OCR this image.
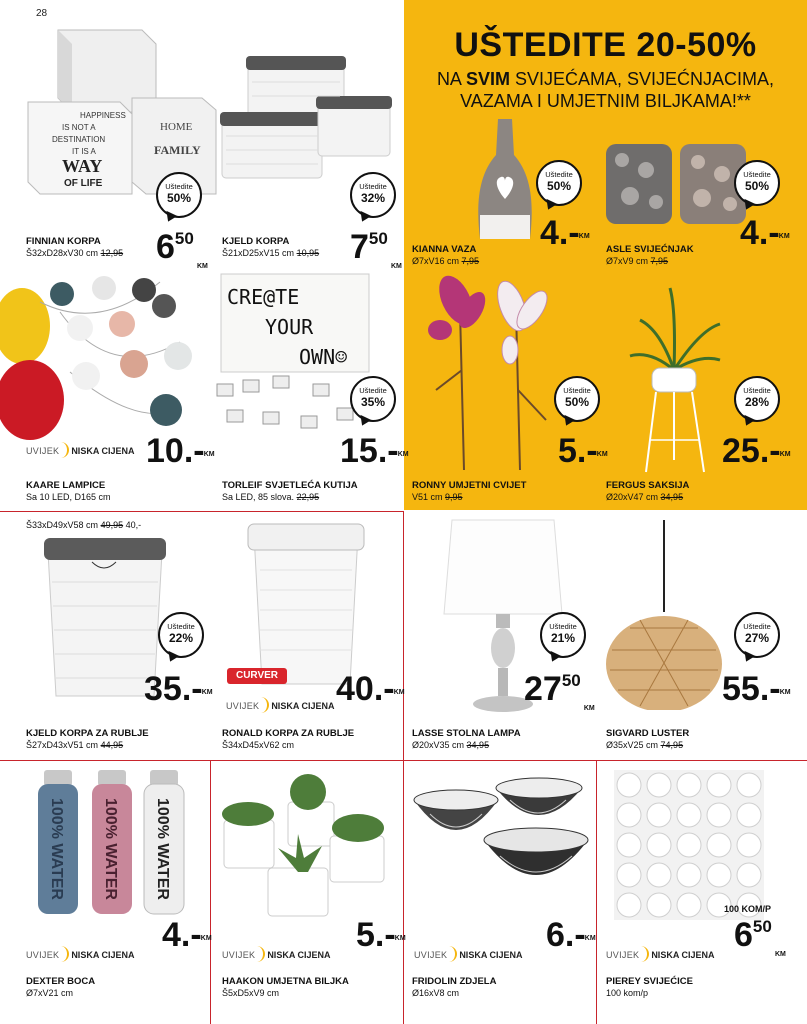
28
UŠTEDITE 20-50%
NA SVIM SVIJEĆAMA, SVIJEĆNJACIMA,
VAZAMA I UMJETNIM BILJKAMA!**
HAPPINESS
IS NOT A
DESTINATION
IT IS A
WAY
OF LIFE
HOME
FAMILY
CRE@TE
YOUR
OWN☺
100% WATER 100% WATER 100% WATER
Uštedite
50%
Uštedite
32%
Uštedite
50%
Uštedite
50%
Uštedite
35%
Uštedite
50%
Uštedite
28%
Uštedite
22%
Uštedite
21%
Uštedite
27%
$6^{50}$
KM
$7^{50}$
KM
4.- KM	4.- KM
10.- KM	15.- KM	5.- KM	25.- KM
35.- KM	40.- KM	$27^{50}$
KM
55.- KM
4.- KM	5.- KM	6.- KM	$6^{50}$
KM
100 KOM/P
UVIJEK NISKA CIJENA
UVIJEK NISKA CIJENA
UVIJEK NISKA CIJENA	UVIJEK NISKA CIJENA	UVIJEK NISKA CIJENA	UVIJEK NISKA CIJENA
CURVER
FINNIAN KORPA
Š32xD28xV30 cm 12,95
KJELD KORPA
Š21xD25xV15 cm 10,95	KIANNA VAZA
Ø7xV16 cm 7,95
ASLE SVIJEĆNJAK
Ø7xV9 cm 7,95
KAARE LAMPICE
Sa 10 LED, D165 cm
TORLEIF SVJETLEĆA KUTIJA
Sa LED, 85 slova. 22,95
RONNY UMJETNI CVIJET
V51 cm 9,95
FERGUS SAKSIJA
Ø20xV47 cm 34,95
Š33xD49xV58 cm 49,95 40,-
KJELD KORPA ZA RUBLJE
Š27xD43xV51 cm 44,95
RONALD KORPA ZA RUBLJE
Š34xD45xV62 cm
LASSE STOLNA LAMPA
Ø20xV35 cm 34,95
SIGVARD LUSTER
Ø35xV25 cm 74,95
DEXTER BOCA
Ø7xV21 cm
HAAKON UMJETNA BILJKA
Š5xD5xV9 cm
FRIDOLIN ZDJELA
Ø16xV8 cm
PIEREY SVIJEĆICE
100 kom/p
